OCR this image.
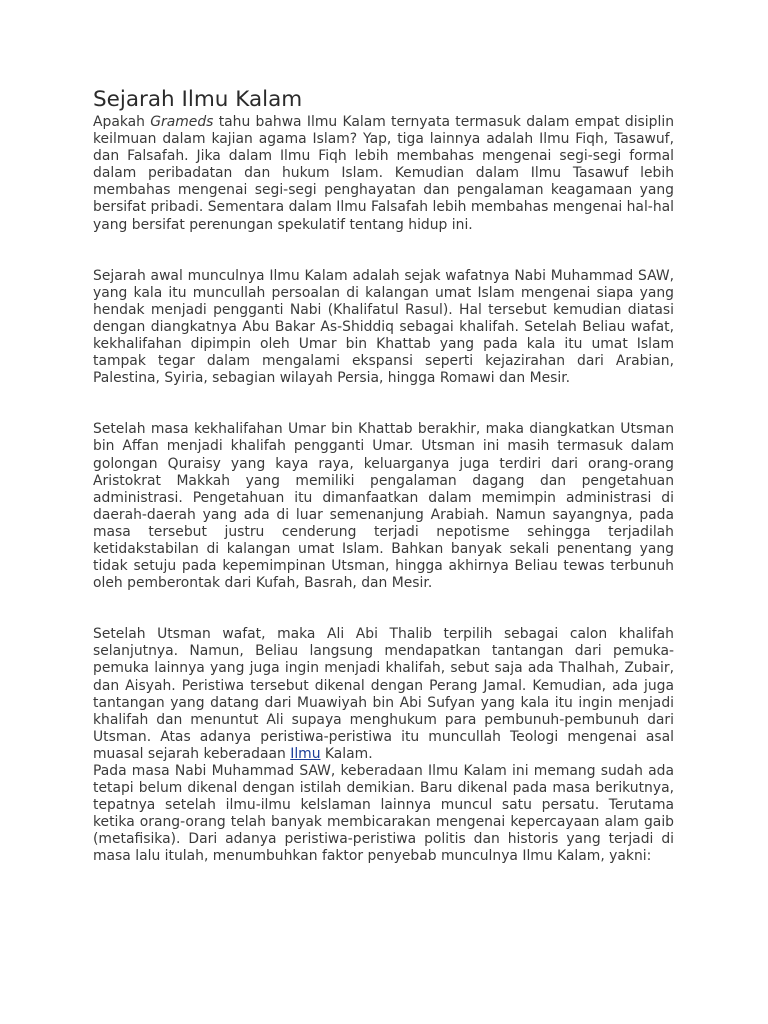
Sejarah Ilmu Kalam

Apakah Grameds tahu bahwa Ilmu Kalam ternyata termasuk dalam empat disiplin keilmuan dalam kajian agama Islam? Yap, tiga lainnya adalah Ilmu Fiqh, Tasawuf, dan Falsafah. Jika dalam Ilmu Fiqh lebih membahas mengenai segi-segi formal dalam peribadatan dan hukum Islam. Kemudian dalam Ilmu Tasawuf lebih membahas mengenai segi-segi penghayatan dan pengalaman keagamaan yang bersifat pribadi. Sementara dalam Ilmu Falsafah lebih membahas mengenai hal-hal yang bersifat perenungan spekulatif tentang hidup ini.

Sejarah awal munculnya Ilmu Kalam adalah sejak wafatnya Nabi Muhammad SAW, yang kala itu muncullah persoalan di kalangan umat Islam mengenai siapa yang hendak menjadi pengganti Nabi (Khalifatul Rasul). Hal tersebut kemudian diatasi dengan diangkatnya Abu Bakar As-Shiddiq sebagai khalifah. Setelah Beliau wafat, kekhalifahan dipimpin oleh Umar bin Khattab yang pada kala itu umat Islam tampak tegar dalam mengalami ekspansi seperti kejazirahan dari Arabian, Palestina, Syiria, sebagian wilayah Persia, hingga Romawi dan Mesir.

Setelah masa kekhalifahan Umar bin Khattab berakhir, maka diangkatkan Utsman bin Affan menjadi khalifah pengganti Umar. Utsman ini masih termasuk dalam golongan Quraisy yang kaya raya, keluarganya juga terdiri dari orang-orang Aristokrat Makkah yang memiliki pengalaman dagang dan pengetahuan administrasi. Pengetahuan itu dimanfaatkan dalam memimpin administrasi di daerah-daerah yang ada di luar semenanjung Arabiah. Namun sayangnya, pada masa tersebut justru cenderung terjadi nepotisme sehingga terjadilah ketidakstabilan di kalangan umat Islam. Bahkan banyak sekali penentang yang tidak setuju pada kepemimpinan Utsman, hingga akhirnya Beliau tewas terbunuh oleh pemberontak dari Kufah, Basrah, dan Mesir.

Setelah Utsman wafat, maka Ali Abi Thalib terpilih sebagai calon khalifah selanjutnya. Namun, Beliau langsung mendapatkan tantangan dari pemuka-pemuka lainnya yang juga ingin menjadi khalifah, sebut saja ada Thalhah, Zubair, dan Aisyah. Peristiwa tersebut dikenal dengan Perang Jamal. Kemudian, ada juga tantangan yang datang dari Muawiyah bin Abi Sufyan yang kala itu ingin menjadi khalifah dan menuntut Ali supaya menghukum para pembunuh-pembunuh dari Utsman. Atas adanya peristiwa-peristiwa itu muncullah Teologi mengenai asal muasal sejarah keberadaan Ilmu Kalam.

Pada masa Nabi Muhammad SAW, keberadaan Ilmu Kalam ini memang sudah ada tetapi belum dikenal dengan istilah demikian. Baru dikenal pada masa berikutnya, tepatnya setelah ilmu-ilmu kelslaman lainnya muncul satu persatu. Terutama ketika orang-orang telah banyak membicarakan mengenai kepercayaan alam gaib (metafisika). Dari adanya peristiwa-peristiwa politis dan historis yang terjadi di masa lalu itulah, menumbuhkan faktor penyebab munculnya Ilmu Kalam, yakni:
